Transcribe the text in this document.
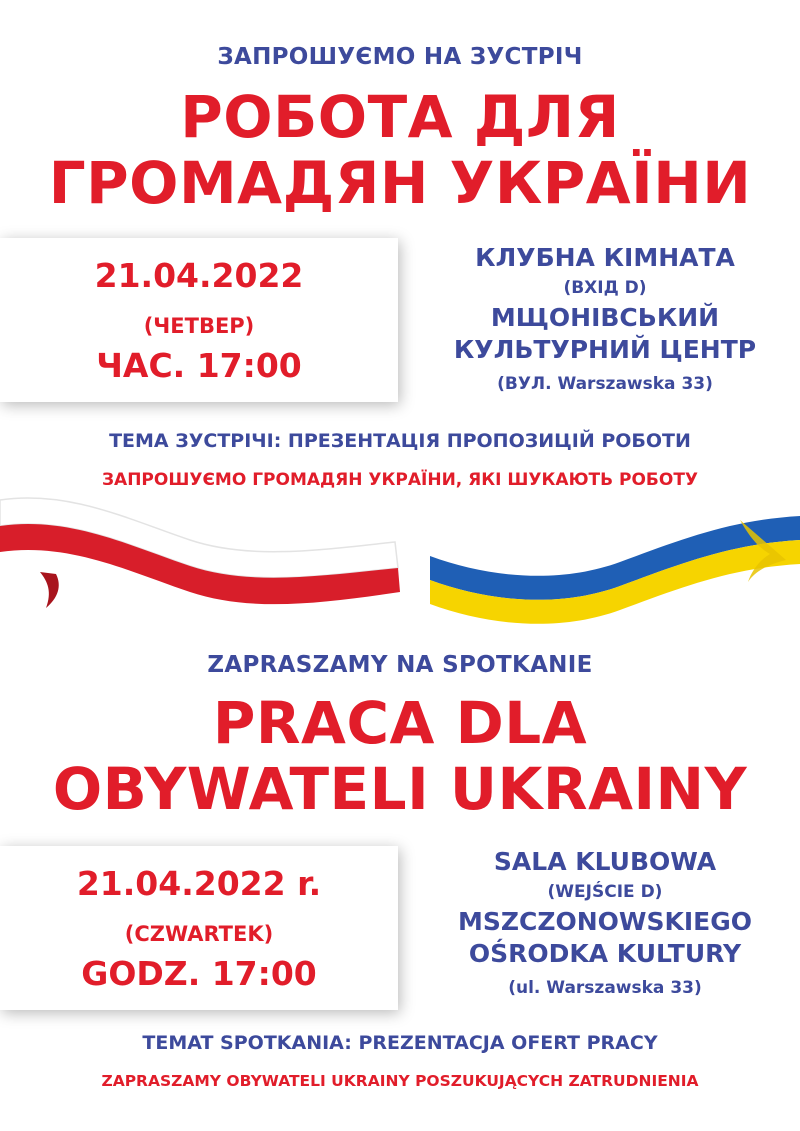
ЗАПРОШУЄМО НА ЗУСТРІЧ
РОБОТА ДЛЯ
ГРОМАДЯН УКРАЇНИ
21.04.2022
(ЧЕТВЕР)
ЧАС. 17:00
КЛУБНА КІМНАТА
(ВХІД D)
МЩОНІВСЬКИЙ
КУЛЬТУРНИЙ ЦЕНТР
(ВУЛ. Warszawska 33)
ТЕМА ЗУСТРІЧІ: ПРЕЗЕНТАЦІЯ ПРОПОЗИЦІЙ РОБОТИ
ЗАПРОШУЄМО ГРОМАДЯН УКРАЇНИ, ЯКІ ШУКАЮТЬ РОБОТУ
ZAPRASZAMY NA SPOTKANIE
PRACA DLA
OBYWATELI UKRAINY
21.04.2022 r.
(CZWARTEK)
GODZ. 17:00
SALA KLUBOWA
(WEJŚCIE D)
MSZCZONOWSKIEGO
OŚRODKA KULTURY
(ul. Warszawska 33)
TEMAT SPOTKANIA: PREZENTACJA OFERT PRACY
ZAPRASZAMY OBYWATELI UKRAINY POSZUKUJĄCYCH ZATRUDNIENIA
